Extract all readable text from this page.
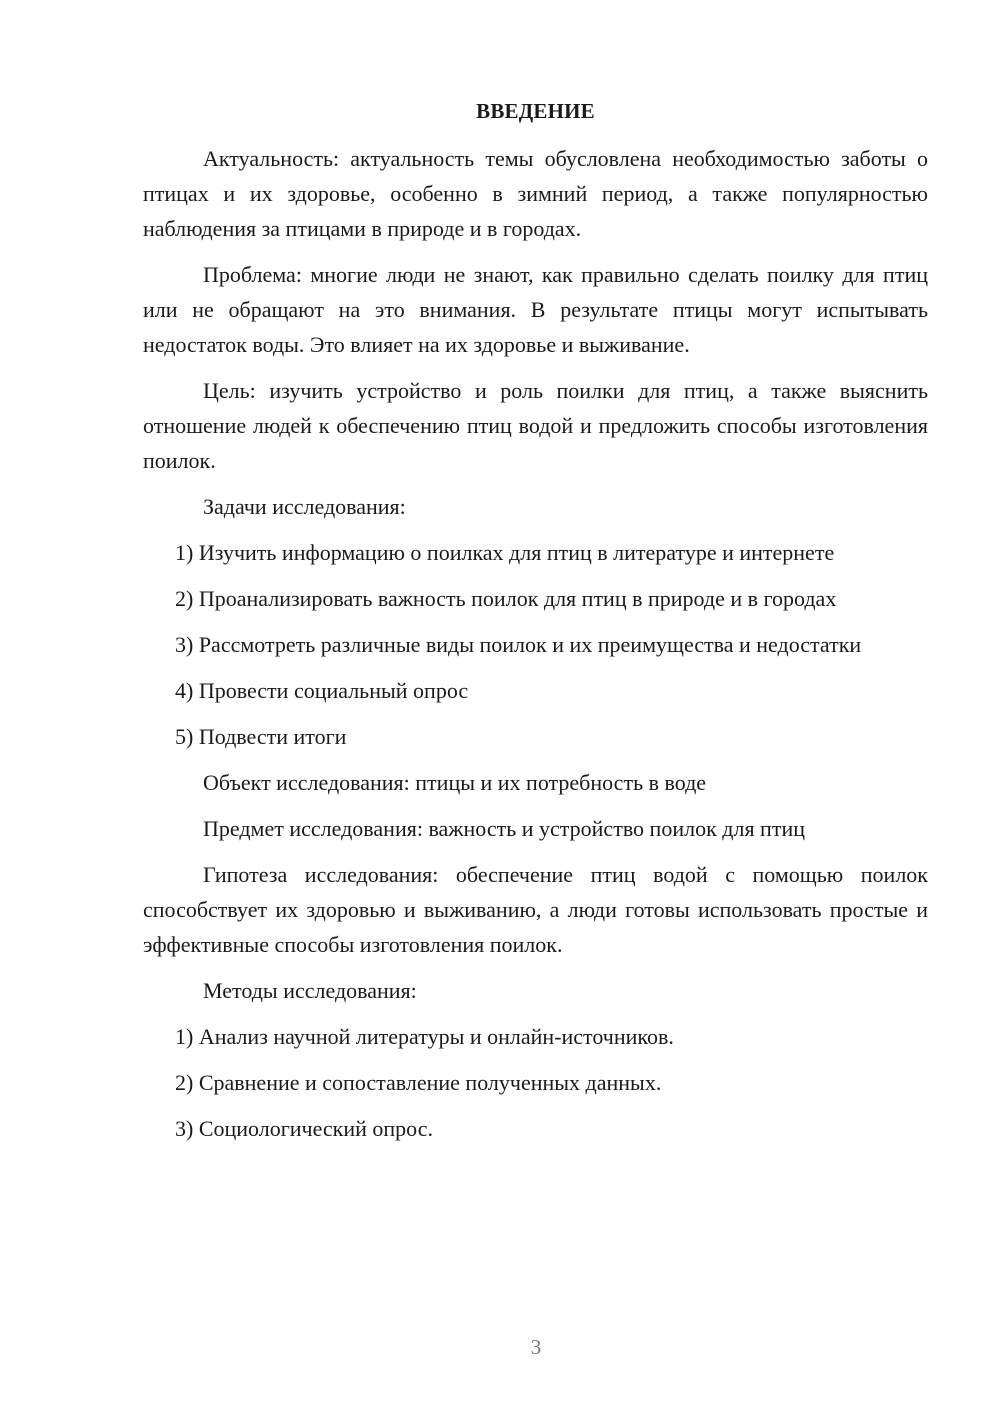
ВВЕДЕНИЕ
Актуальность: актуальность темы обусловлена необходимостью заботы о птицах и их здоровье, особенно в зимний период, а также популярностью наблюдения за птицами в природе и в городах.
Проблема: многие люди не знают, как правильно сделать поилку для птиц или не обращают на это внимания. В результате птицы могут испытывать недостаток воды. Это влияет на их здоровье и выживание.
Цель: изучить устройство и роль поилки для птиц, а также выяснить отношение людей к обеспечению птиц водой и предложить способы изготовления поилок.
Задачи исследования:
1) Изучить информацию о поилках для птиц в литературе и интернете
2) Проанализировать важность поилок для птиц в природе и в городах
3) Рассмотреть различные виды поилок и их преимущества и недостатки
4) Провести социальный опрос
5) Подвести итоги
Объект исследования: птицы и их потребность в воде
Предмет исследования: важность и устройство поилок для птиц
Гипотеза исследования: обеспечение птиц водой с помощью поилок способствует их здоровью и выживанию, а люди готовы использовать простые и эффективные способы изготовления поилок.
Методы исследования:
1) Анализ научной литературы и онлайн-источников.
2) Сравнение и сопоставление полученных данных.
3) Социологический опрос.
3
